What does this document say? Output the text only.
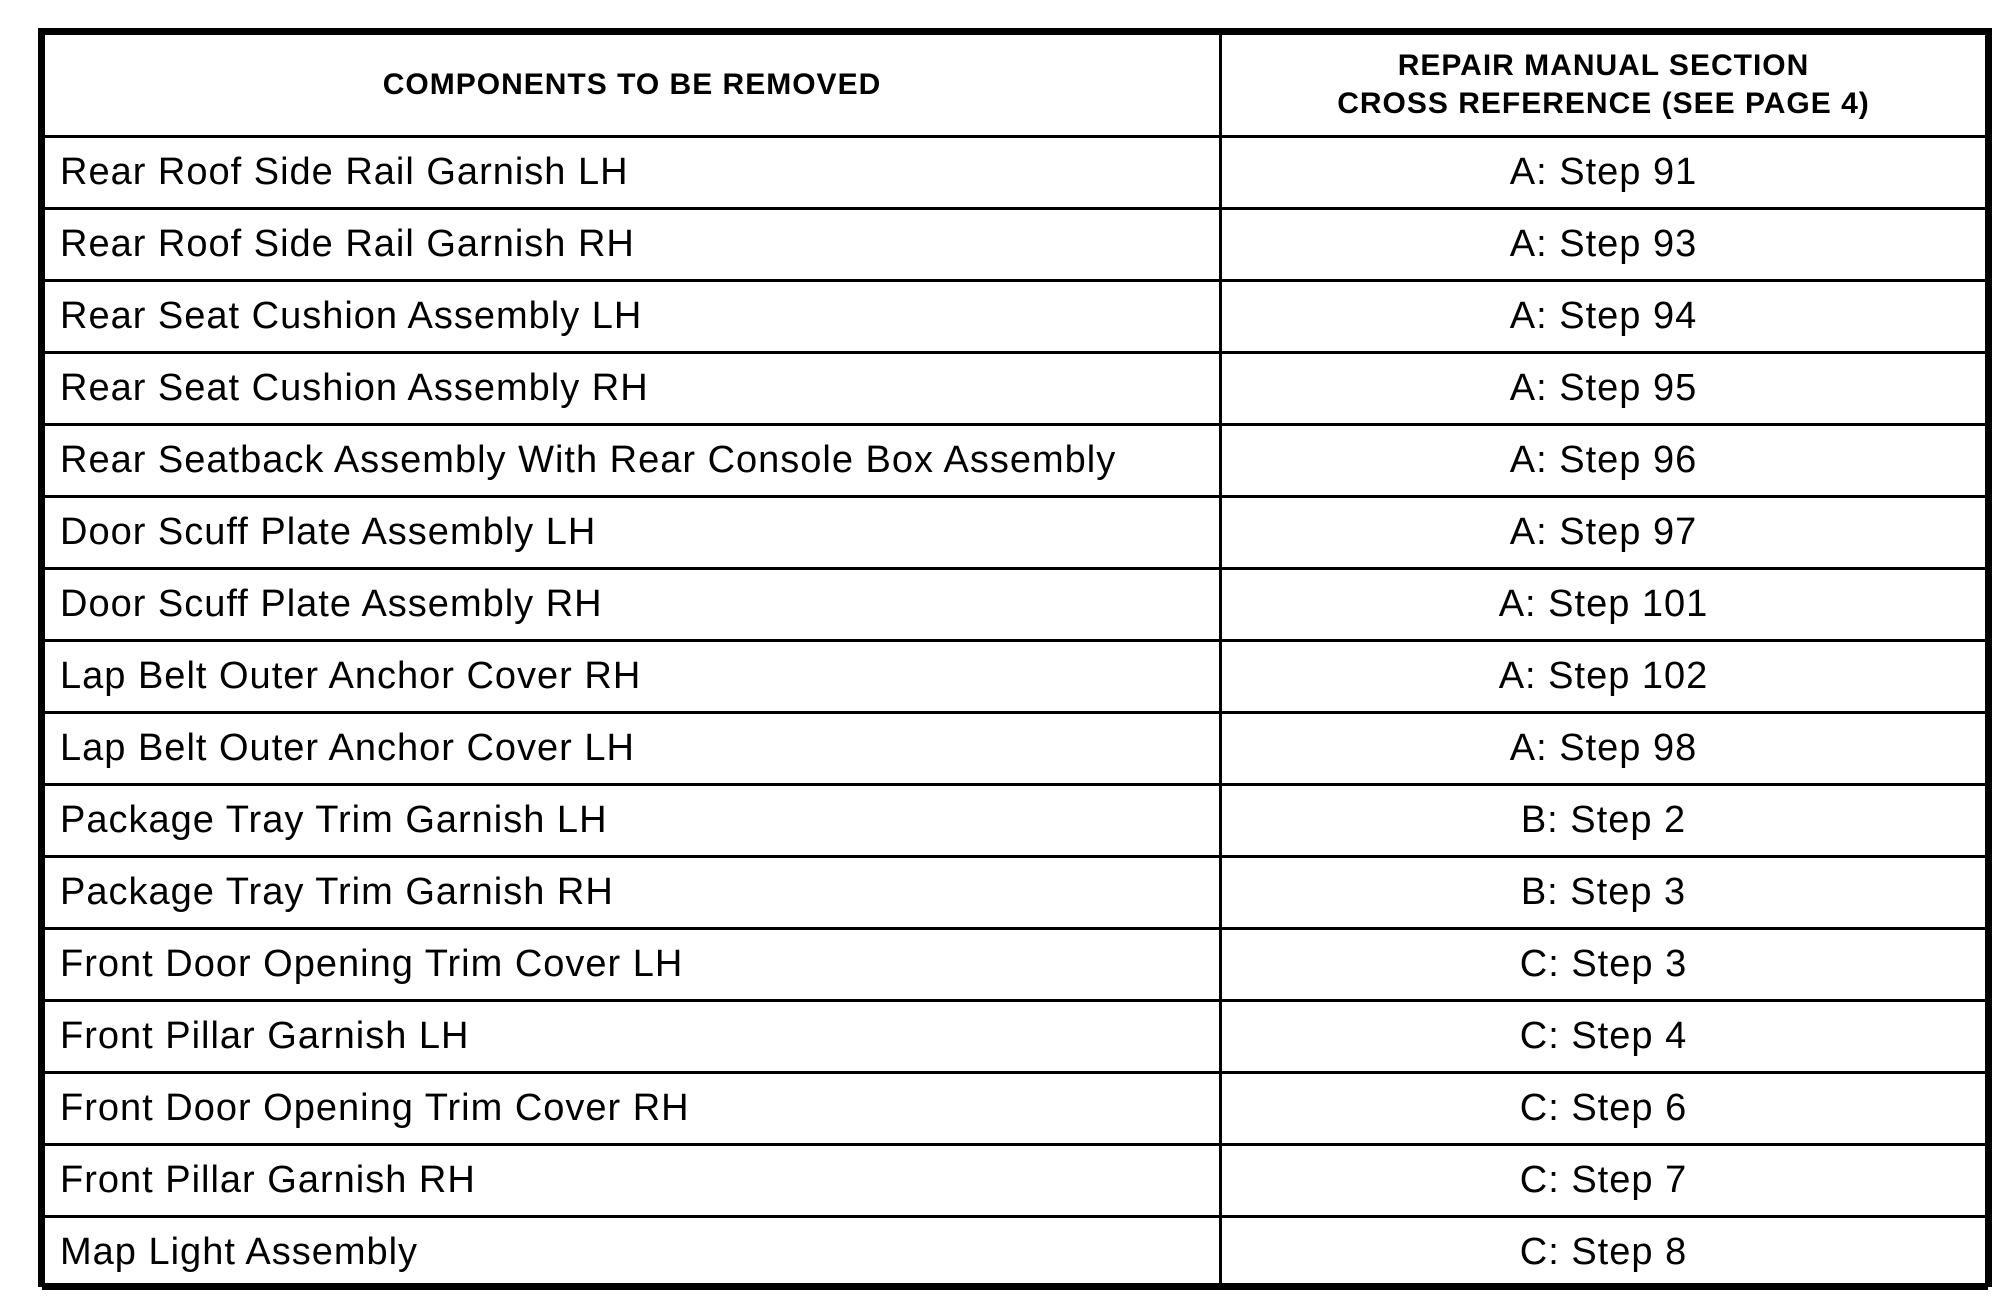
COMPONENTS TO BE REMOVED	REPAIR MANUAL SECTION
CROSS REFERENCE (SEE PAGE 4)
Rear Roof Side Rail Garnish LH	A: Step 91
Rear Roof Side Rail Garnish RH	A: Step 93
Rear Seat Cushion Assembly LH	A: Step 94
Rear Seat Cushion Assembly RH	A: Step 95
Rear Seatback Assembly With Rear Console Box Assembly	A: Step 96
Door Scuff Plate Assembly LH	A: Step 97
Door Scuff Plate Assembly RH	A: Step 101
Lap Belt Outer Anchor Cover RH	A: Step 102
Lap Belt Outer Anchor Cover LH	A: Step 98
Package Tray Trim Garnish LH	B: Step 2
Package Tray Trim Garnish RH	B: Step 3
Front Door Opening Trim Cover LH	C: Step 3
Front Pillar Garnish LH	C: Step 4
Front Door Opening Trim Cover RH	C: Step 6
Front Pillar Garnish RH	C: Step 7
Map Light Assembly	C: Step 8
